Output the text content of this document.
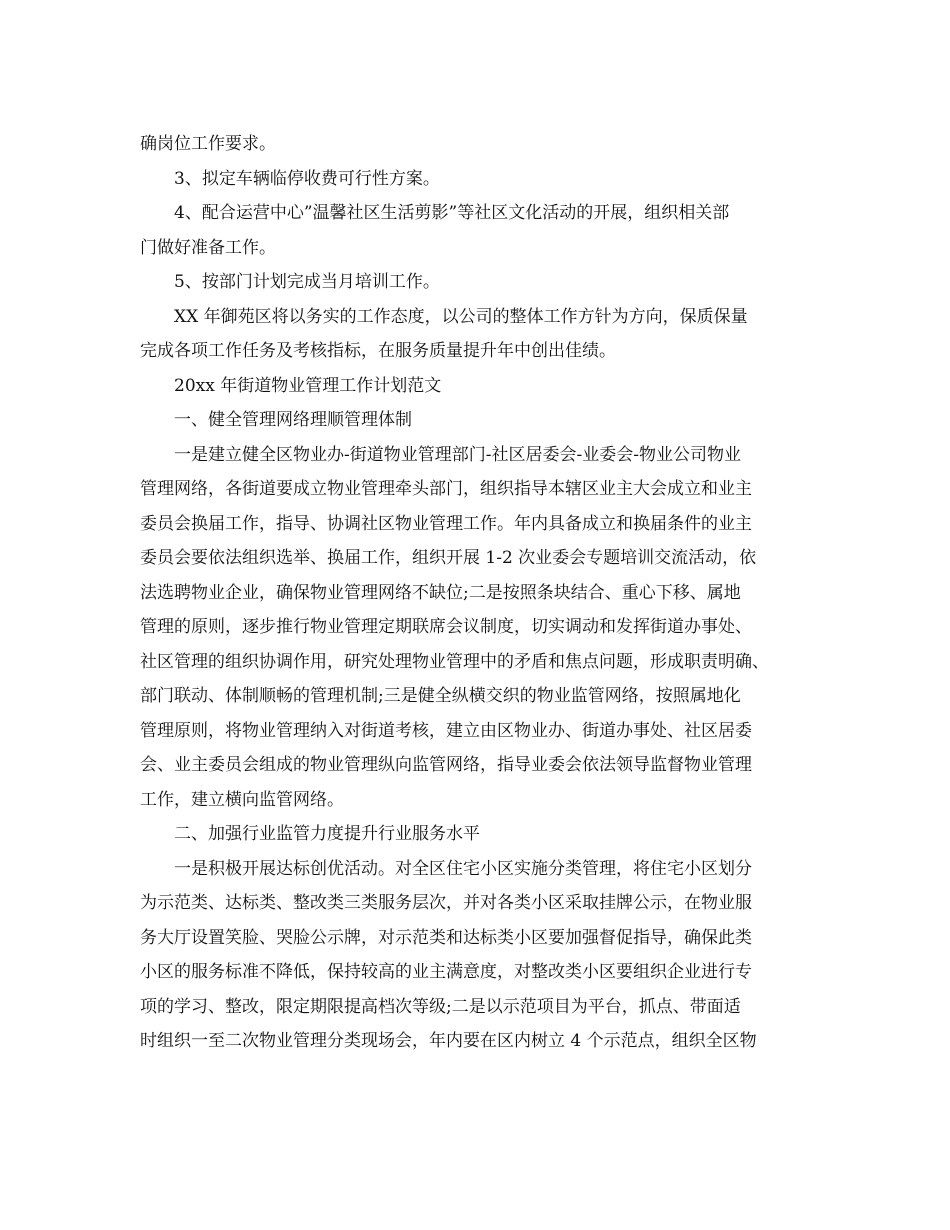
确岗位工作要求。
3、拟定车辆临停收费可行性方案。
4、配合运营中心”温馨社区生活剪影”等社区文化活动的开展，组织相关部
门做好准备工作。
5、按部门计划完成当月培训工作。
XX 年御苑区将以务实的工作态度，以公司的整体工作方针为方向，保质保量
完成各项工作任务及考核指标，在服务质量提升年中创出佳绩。
20xx 年街道物业管理工作计划范文
一、健全管理网络理顺管理体制
一是建立健全区物业办-街道物业管理部门-社区居委会-业委会-物业公司物业
管理网络，各街道要成立物业管理牵头部门，组织指导本辖区业主大会成立和业主
委员会换届工作，指导、协调社区物业管理工作。年内具备成立和换届条件的业主
委员会要依法组织选举、换届工作，组织开展 1-2 次业委会专题培训交流活动，依
法选聘物业企业，确保物业管理网络不缺位;二是按照条块结合、重心下移、属地
管理的原则，逐步推行物业管理定期联席会议制度，切实调动和发挥街道办事处、
社区管理的组织协调作用，研究处理物业管理中的矛盾和焦点问题，形成职责明确、
部门联动、体制顺畅的管理机制;三是健全纵横交织的物业监管网络，按照属地化
管理原则，将物业管理纳入对街道考核，建立由区物业办、街道办事处、社区居委
会、业主委员会组成的物业管理纵向监管网络，指导业委会依法领导监督物业管理
工作，建立横向监管网络。
二、加强行业监管力度提升行业服务水平
一是积极开展达标创优活动。对全区住宅小区实施分类管理，将住宅小区划分
为示范类、达标类、整改类三类服务层次，并对各类小区采取挂牌公示，在物业服
务大厅设置笑脸、哭脸公示牌，对示范类和达标类小区要加强督促指导，确保此类
小区的服务标准不降低，保持较高的业主满意度，对整改类小区要组织企业进行专
项的学习、整改，限定期限提高档次等级;二是以示范项目为平台，抓点、带面适
时组织一至二次物业管理分类现场会，年内要在区内树立 4 个示范点，组织全区物
